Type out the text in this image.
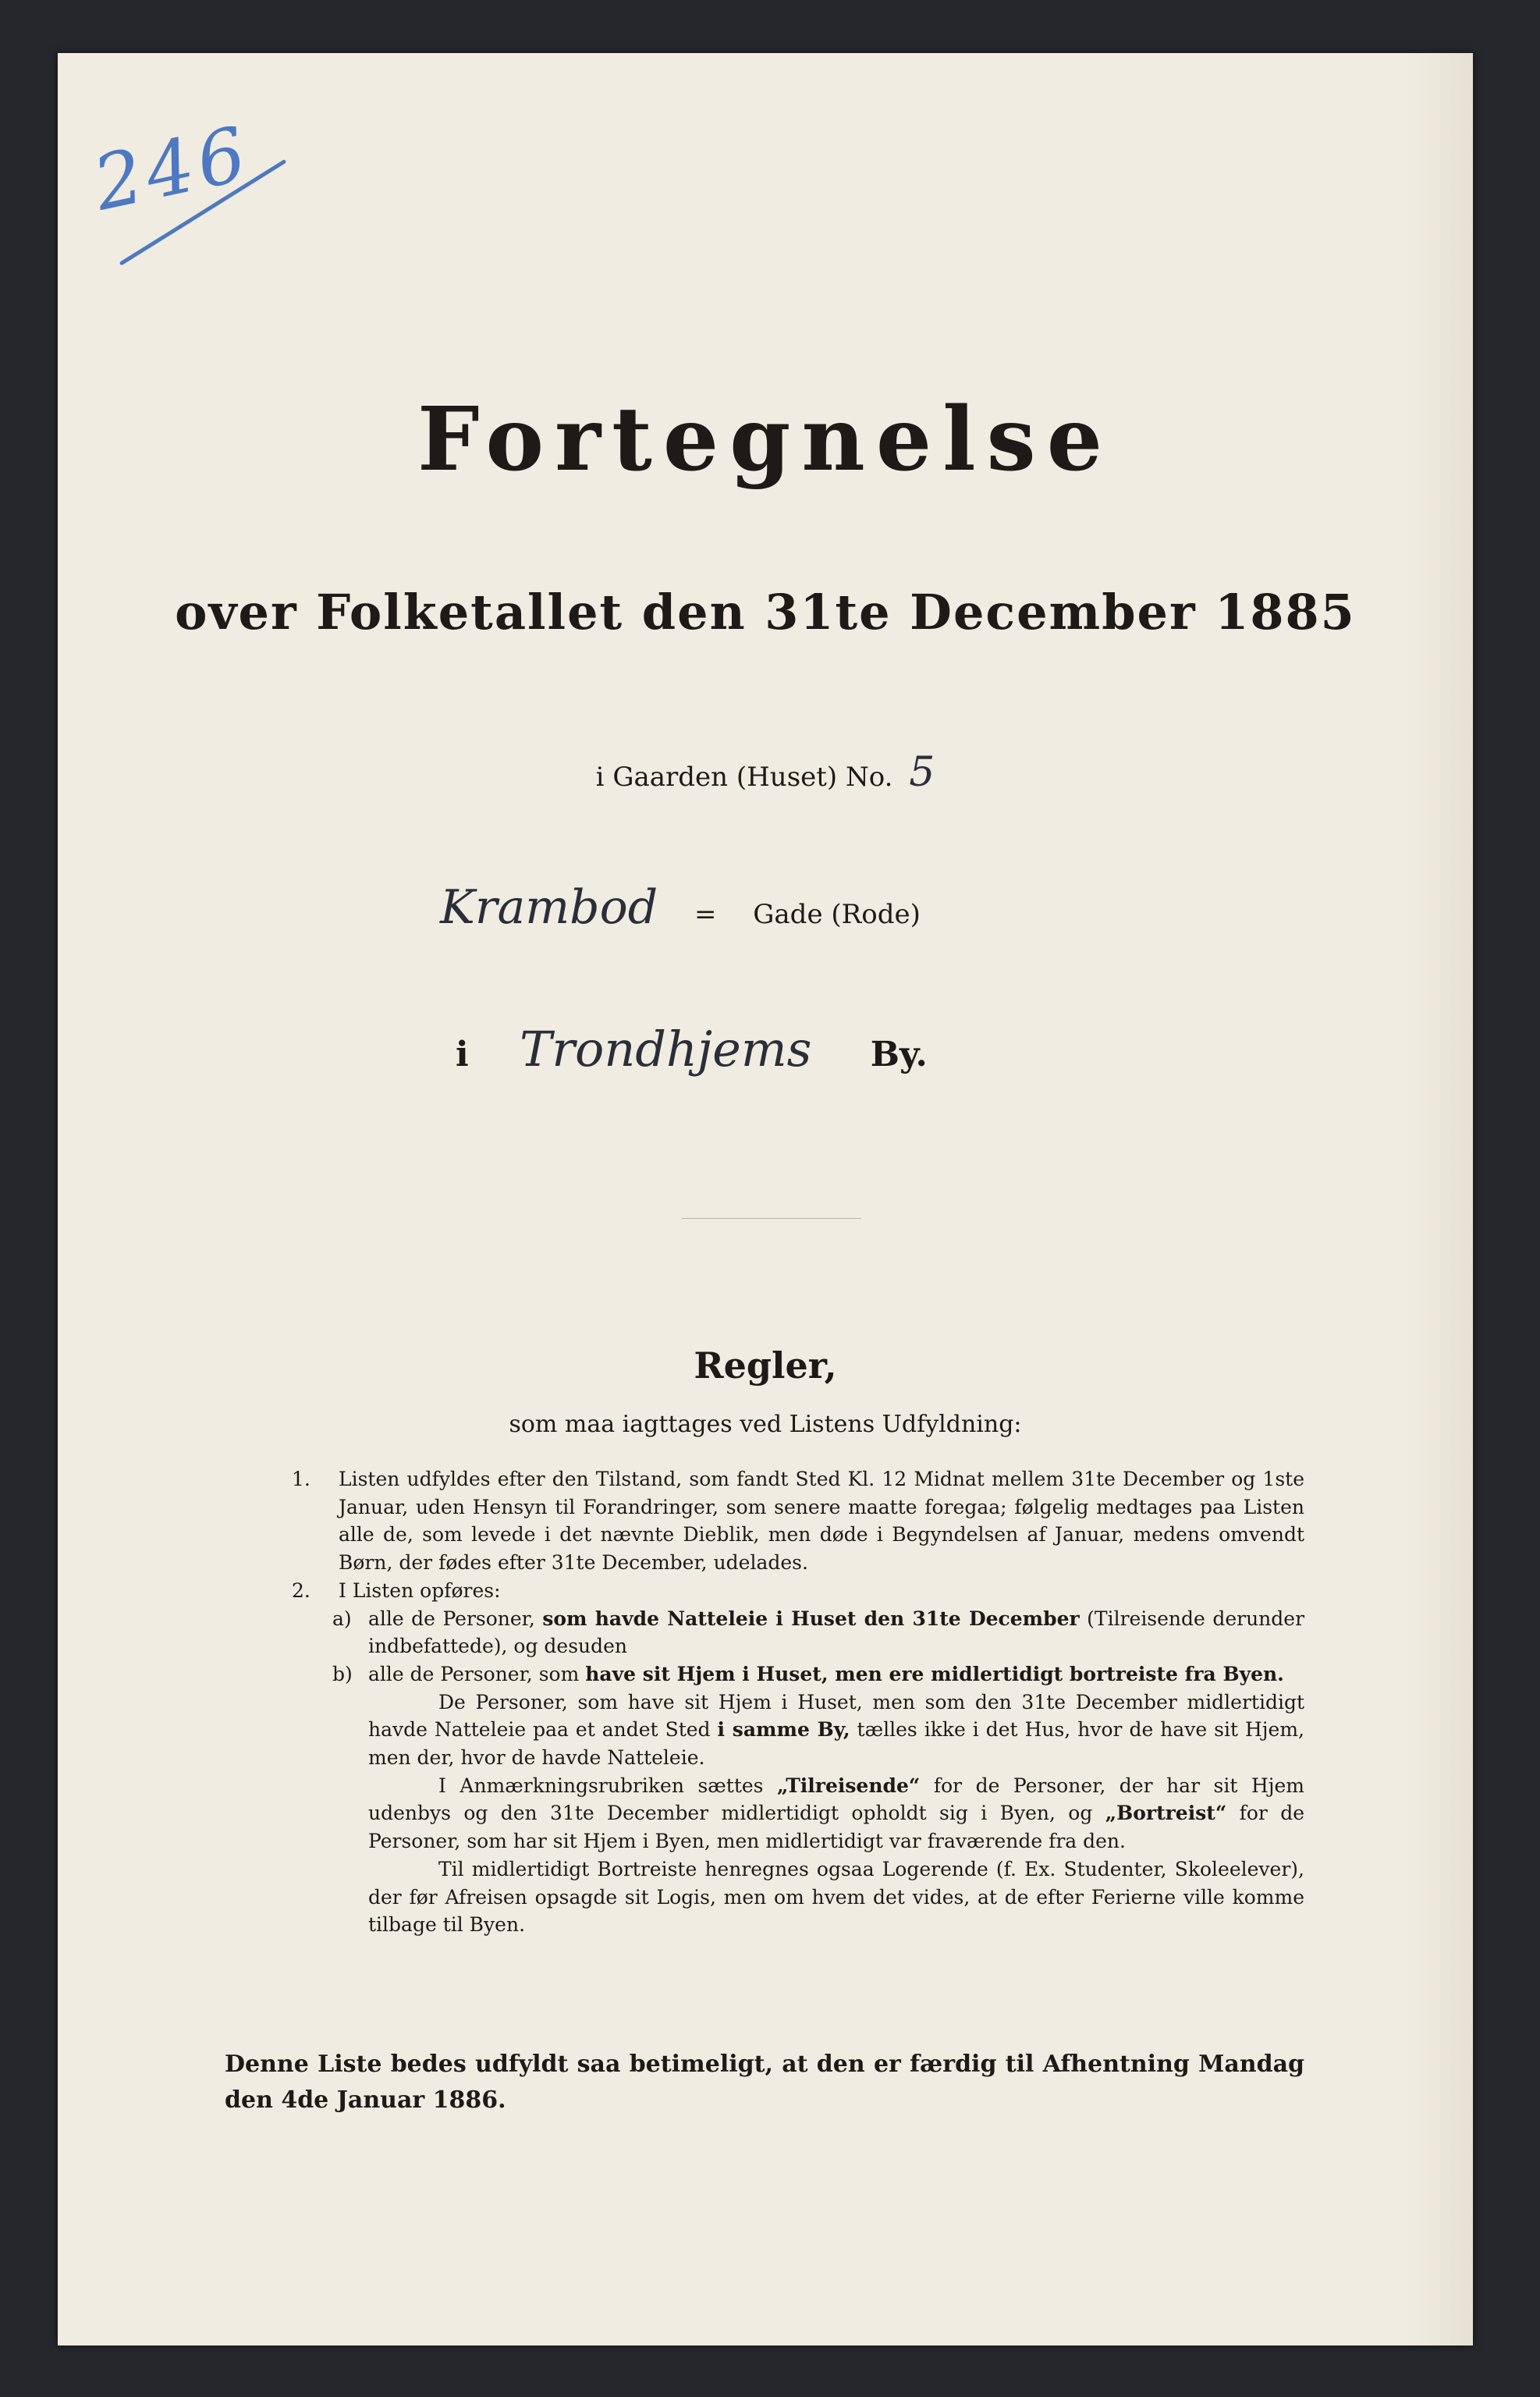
246
Fortegnelse
over Folketallet den 31te December 1885
i Gaarden (Huset) No. 5
Krambod = Gade (Rode)
i Trondhjems By.
Regler,
som maa iagttages ved Listens Udfyldning:
1. Listen udfyldes efter den Tilstand, som fandt Sted Kl. 12 Midnat mellem 31te December og 1ste Januar, uden Hensyn til Forandringer, som senere maatte foregaa; følgelig medtages paa Listen alle de, som levede i det nævnte Dieblik, men døde i Begyndelsen af Januar, medens omvendt Børn, der fødes efter 31te December, udelades.
2. I Listen opføres:
a) alle de Personer, som havde Natteleie i Huset den 31te December (Tilreisende derunder indbefattede), og desuden
b) alle de Personer, som have sit Hjem i Huset, men ere midlertidigt bortreiste fra Byen.
De Personer, som have sit Hjem i Huset, men som den 31te December midlertidigt havde Natteleie paa et andet Sted i samme By, tælles ikke i det Hus, hvor de have sit Hjem, men der, hvor de havde Natteleie.
I Anmærkningsrubriken sættes „Tilreisende“ for de Personer, der har sit Hjem udenbys og den 31te December midlertidigt opholdt sig i Byen, og „Bortreist“ for de Personer, som har sit Hjem i Byen, men midlertidigt var fraværende fra den.
Til midlertidigt Bortreiste henregnes ogsaa Logerende (f. Ex. Studenter, Skoleelever), der før Afreisen opsagde sit Logis, men om hvem det vides, at de efter Ferierne ville komme tilbage til Byen.
Denne Liste bedes udfyldt saa betimeligt, at den er færdig til Afhentning Mandag den 4de Januar 1886.
